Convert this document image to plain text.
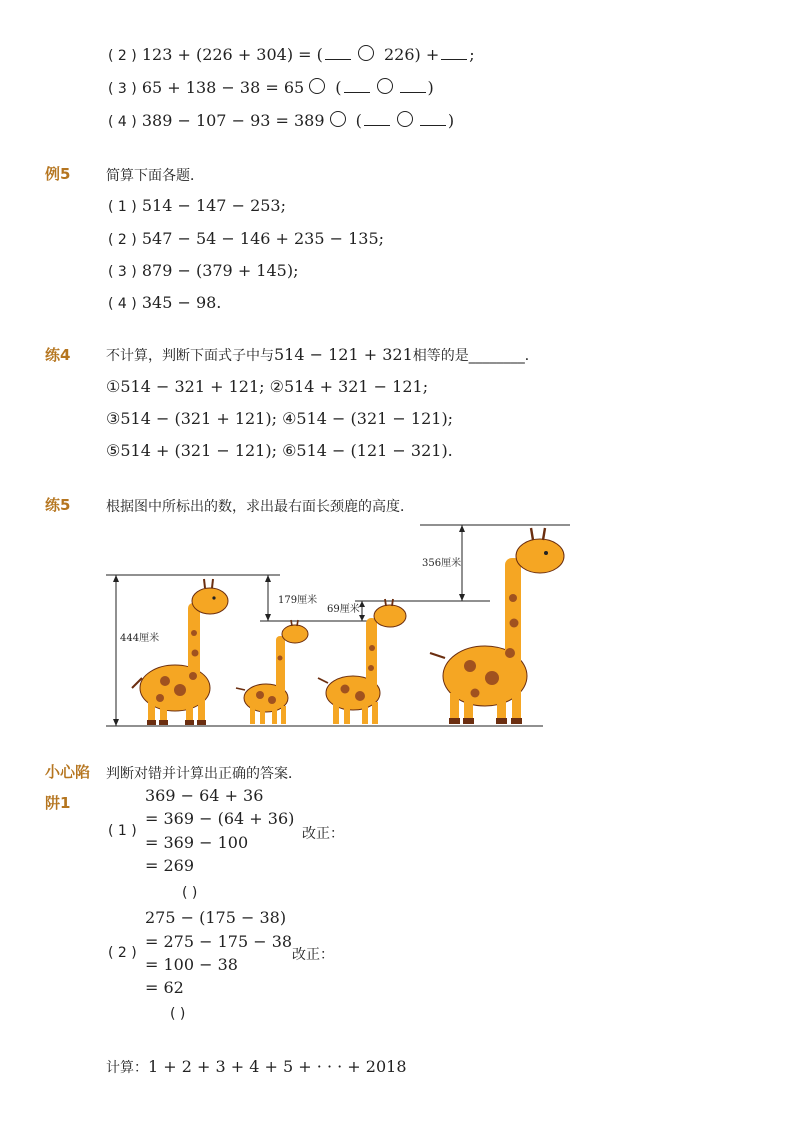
( 2 ) 123 + (226 + 304) = (	226) + ;
( 3 ) 65 + 138 − 38 = 65 (	)
( 4 ) 389 − 107 − 93 = 389 (	)
例5	简算下面各题．
( 1 ) 514 − 147 − 253;
( 2 ) 547 − 54 − 146 + 235 − 135;
( 3 ) 879 − (379 + 145);
( 4 ) 345 − 98.
练4	不计算，判断下面式子中与514 − 121 + 321相等的是________．
①514 − 321 + 121; ②514 + 321 − 121;
③514 − (321 + 121); ④514 − (321 − 121);
⑤514 + (321 − 121); ⑥514 − (121 − 321).
练5	根据图中所标出的数，求出最右面长颈鹿的高度．
444厘米
179厘米
69厘米
356厘米
小心陷
阱1
判断对错并计算出正确的答案．
( 1 )
369 − 64 + 36
= 369 − (64 + 36)
= 369 − 100
= 269
改正：
( )
( 2 )
275 − (175 − 38)
= 275 − 175 − 38
= 100 − 38
= 62
改正：
( )
计算：1 + 2 + 3 + 4 + 5 + · · · + 2018
